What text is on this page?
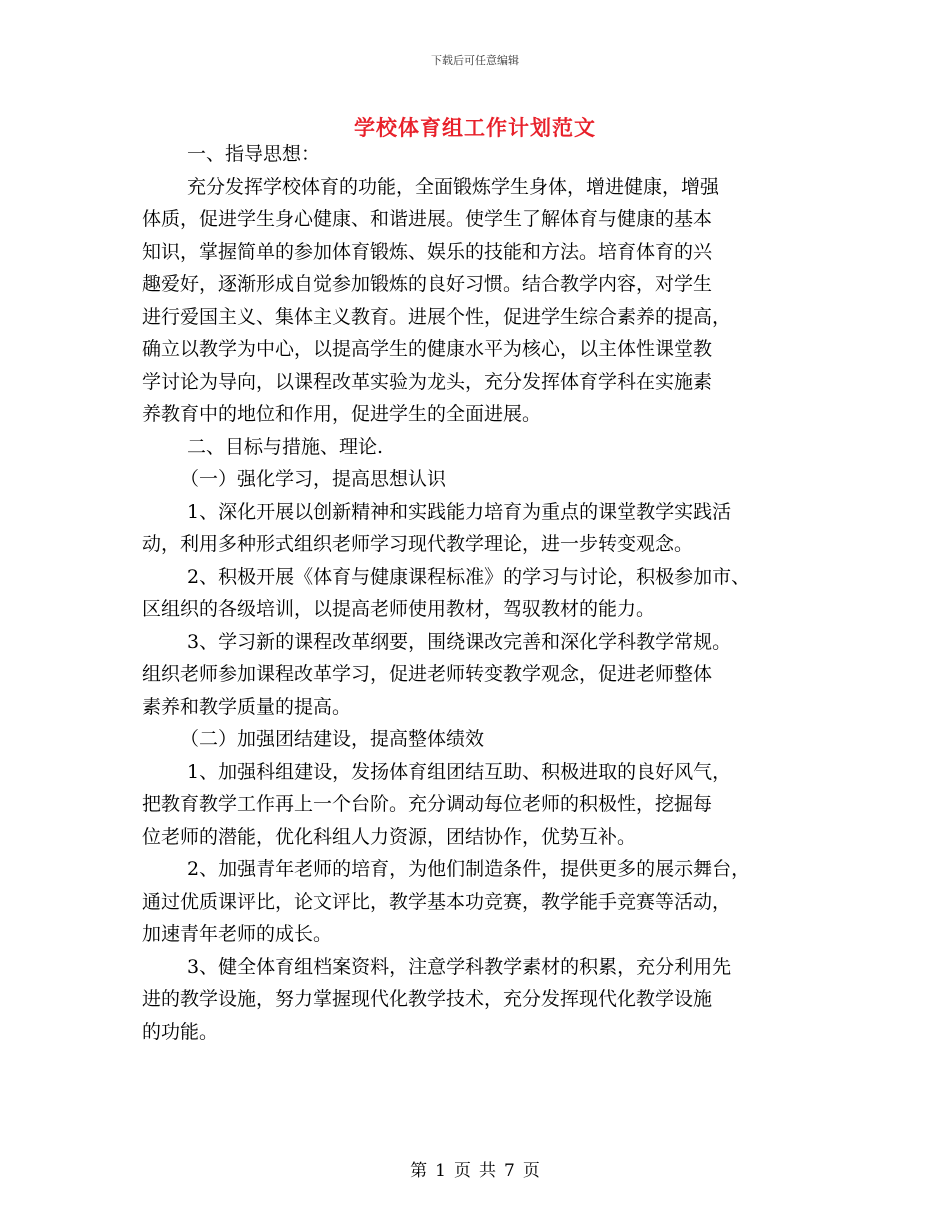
下载后可任意编辑
学校体育组工作计划范文
一、指导思想：
充分发挥学校体育的功能，全面锻炼学生身体，增进健康，增强
体质，促进学生身心健康、和谐进展。使学生了解体育与健康的基本
知识，掌握简单的参加体育锻炼、娱乐的技能和方法。培育体育的兴
趣爱好，逐渐形成自觉参加锻炼的良好习惯。结合教学内容，对学生
进行爱国主义、集体主义教育。进展个性，促进学生综合素养的提高，
确立以教学为中心，以提高学生的健康水平为核心，以主体性课堂教
学讨论为导向，以课程改革实验为龙头，充分发挥体育学科在实施素
养教育中的地位和作用，促进学生的全面进展。
二、目标与措施、理论.
（一）强化学习，提高思想认识
1、深化开展以创新精神和实践能力培育为重点的课堂教学实践活
动，利用多种形式组织老师学习现代教学理论，进一步转变观念。
2、积极开展《体育与健康课程标准》的学习与讨论，积极参加市、
区组织的各级培训，以提高老师使用教材，驾驭教材的能力。
3、学习新的课程改革纲要，围绕课改完善和深化学科教学常规。
组织老师参加课程改革学习，促进老师转变教学观念，促进老师整体
素养和教学质量的提高。
（二）加强团结建设，提高整体绩效
1、加强科组建设，发扬体育组团结互助、积极进取的良好风气，
把教育教学工作再上一个台阶。充分调动每位老师的积极性，挖掘每
位老师的潜能，优化科组人力资源，团结协作，优势互补。
2、加强青年老师的培育，为他们制造条件，提供更多的展示舞台，
通过优质课评比，论文评比，教学基本功竞赛，教学能手竞赛等活动，
加速青年老师的成长。
3、健全体育组档案资料，注意学科教学素材的积累，充分利用先
进的教学设施，努力掌握现代化教学技术，充分发挥现代化教学设施
的功能。
第 1 页 共 7 页
